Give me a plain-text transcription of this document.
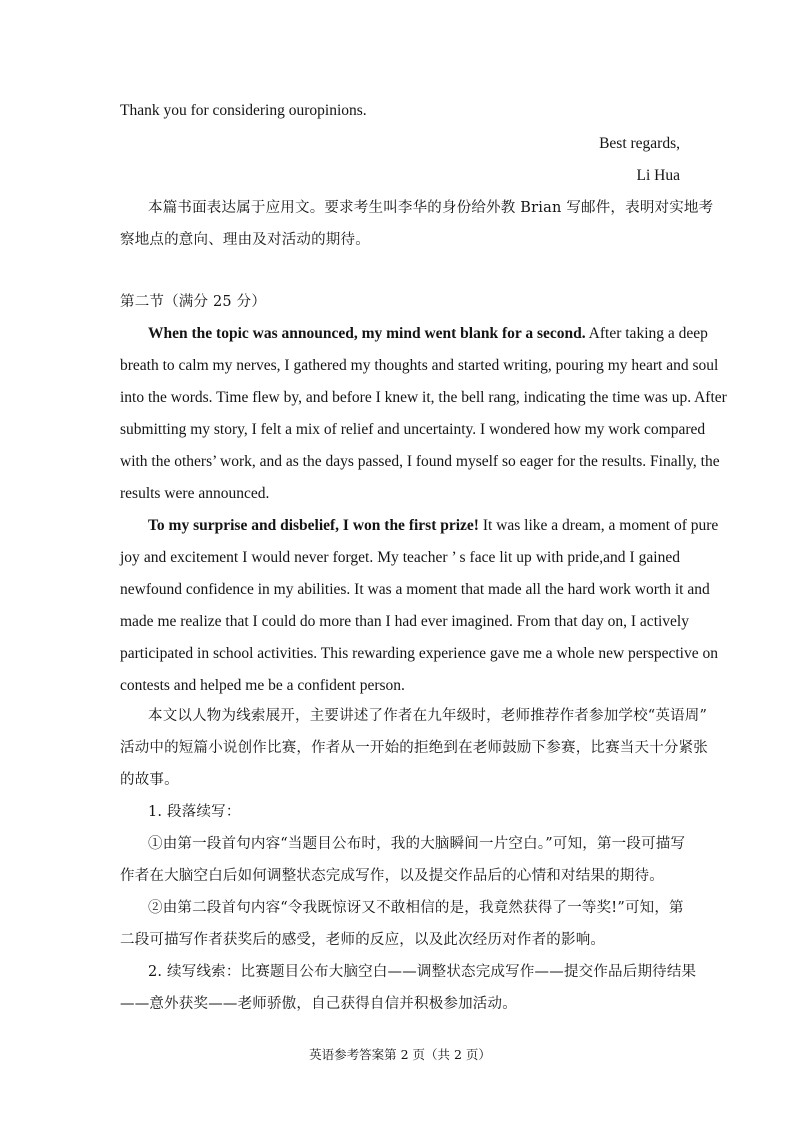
Thank you for considering ouropinions.

Best regards,

Li Hua

本篇书面表达属于应用文。要求考生叫李华的身份给外教 Brian 写邮件，表明对实地考

察地点的意向、理由及对活动的期待。

第二节（满分 25 分）

When the topic was announced, my mind went blank for a second. After taking a deep

breath to calm my nerves, I gathered my thoughts and started writing, pouring my heart and soul

into the words. Time flew by, and before I knew it, the bell rang, indicating the time was up. After

submitting my story, I felt a mix of relief and uncertainty. I wondered how my work compared

with the others’ work, and as the days passed, I found myself so eager for the results. Finally, the

results were announced.

To my surprise and disbelief, I won the first prize! It was like a dream, a moment of pure

joy and excitement I would never forget. My teacher ’ s face lit up with pride,and I gained

newfound confidence in my abilities. It was a moment that made all the hard work worth it and

made me realize that I could do more than I had ever imagined. From that day on, I actively

participated in school activities. This rewarding experience gave me a whole new perspective on

contests and helped me be a confident person.

本文以人物为线索展开，主要讲述了作者在九年级时，老师推荐作者参加学校“英语周”

活动中的短篇小说创作比赛，作者从一开始的拒绝到在老师鼓励下参赛，比赛当天十分紧张

的故事。

1. 段落续写：

①由第一段首句内容“当题目公布时，我的大脑瞬间一片空白。”可知，第一段可描写

作者在大脑空白后如何调整状态完成写作，以及提交作品后的心情和对结果的期待。

②由第二段首句内容“令我既惊讶又不敢相信的是，我竟然获得了一等奖!”可知，第

二段可描写作者获奖后的感受，老师的反应，以及此次经历对作者的影响。

2. 续写线索：比赛题目公布大脑空白——调整状态完成写作——提交作品后期待结果

——意外获奖——老师骄傲，自己获得自信并积极参加活动。

英语参考答案第 2 页（共 2 页）
